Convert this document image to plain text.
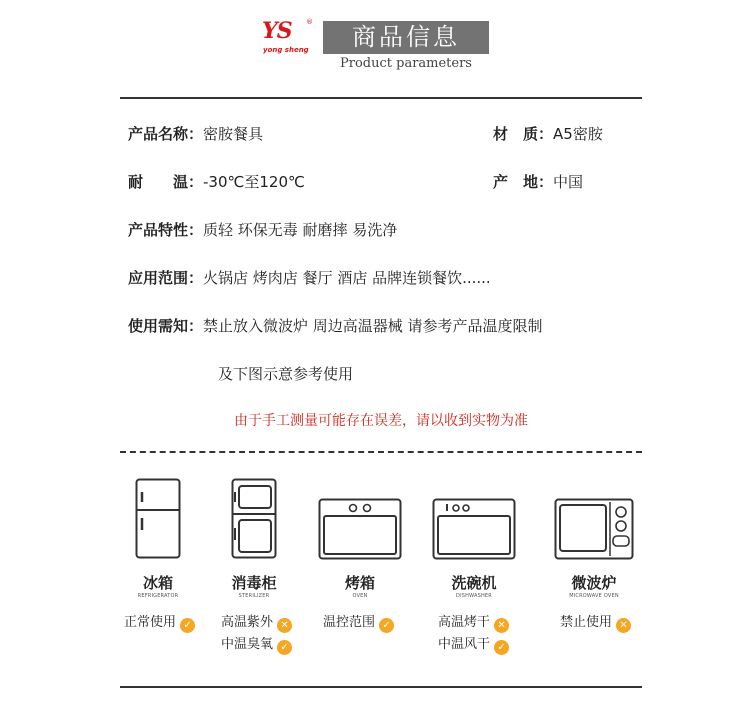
YS ®
yong sheng	商品信息
Product parameters
产品名称：密胺餐具	材　质：A5密胺
耐　　温：-30℃至120℃	产　地：中国
产品特性：质轻 环保无毒 耐磨摔 易洗净
应用范围：火锅店 烤肉店 餐厅 酒店 品牌连锁餐饮......
使用需知：禁止放入微波炉 周边高温器械 请参考产品温度限制
及下图示意参考使用
由于手工测量可能存在误差，请以收到实物为准
冰箱
REFRIGERATOR
消毒柜
STERILIZER
烤箱
OVEN
洗碗机
DISHWASHER
微波炉
MICROWAVE OVEN
正常使用 ✓ 高温紫外 ✕
中温臭氧 ✓
温控范围 ✓	高温烤干 ✕
中温风干 ✓
禁止使用 ✕
